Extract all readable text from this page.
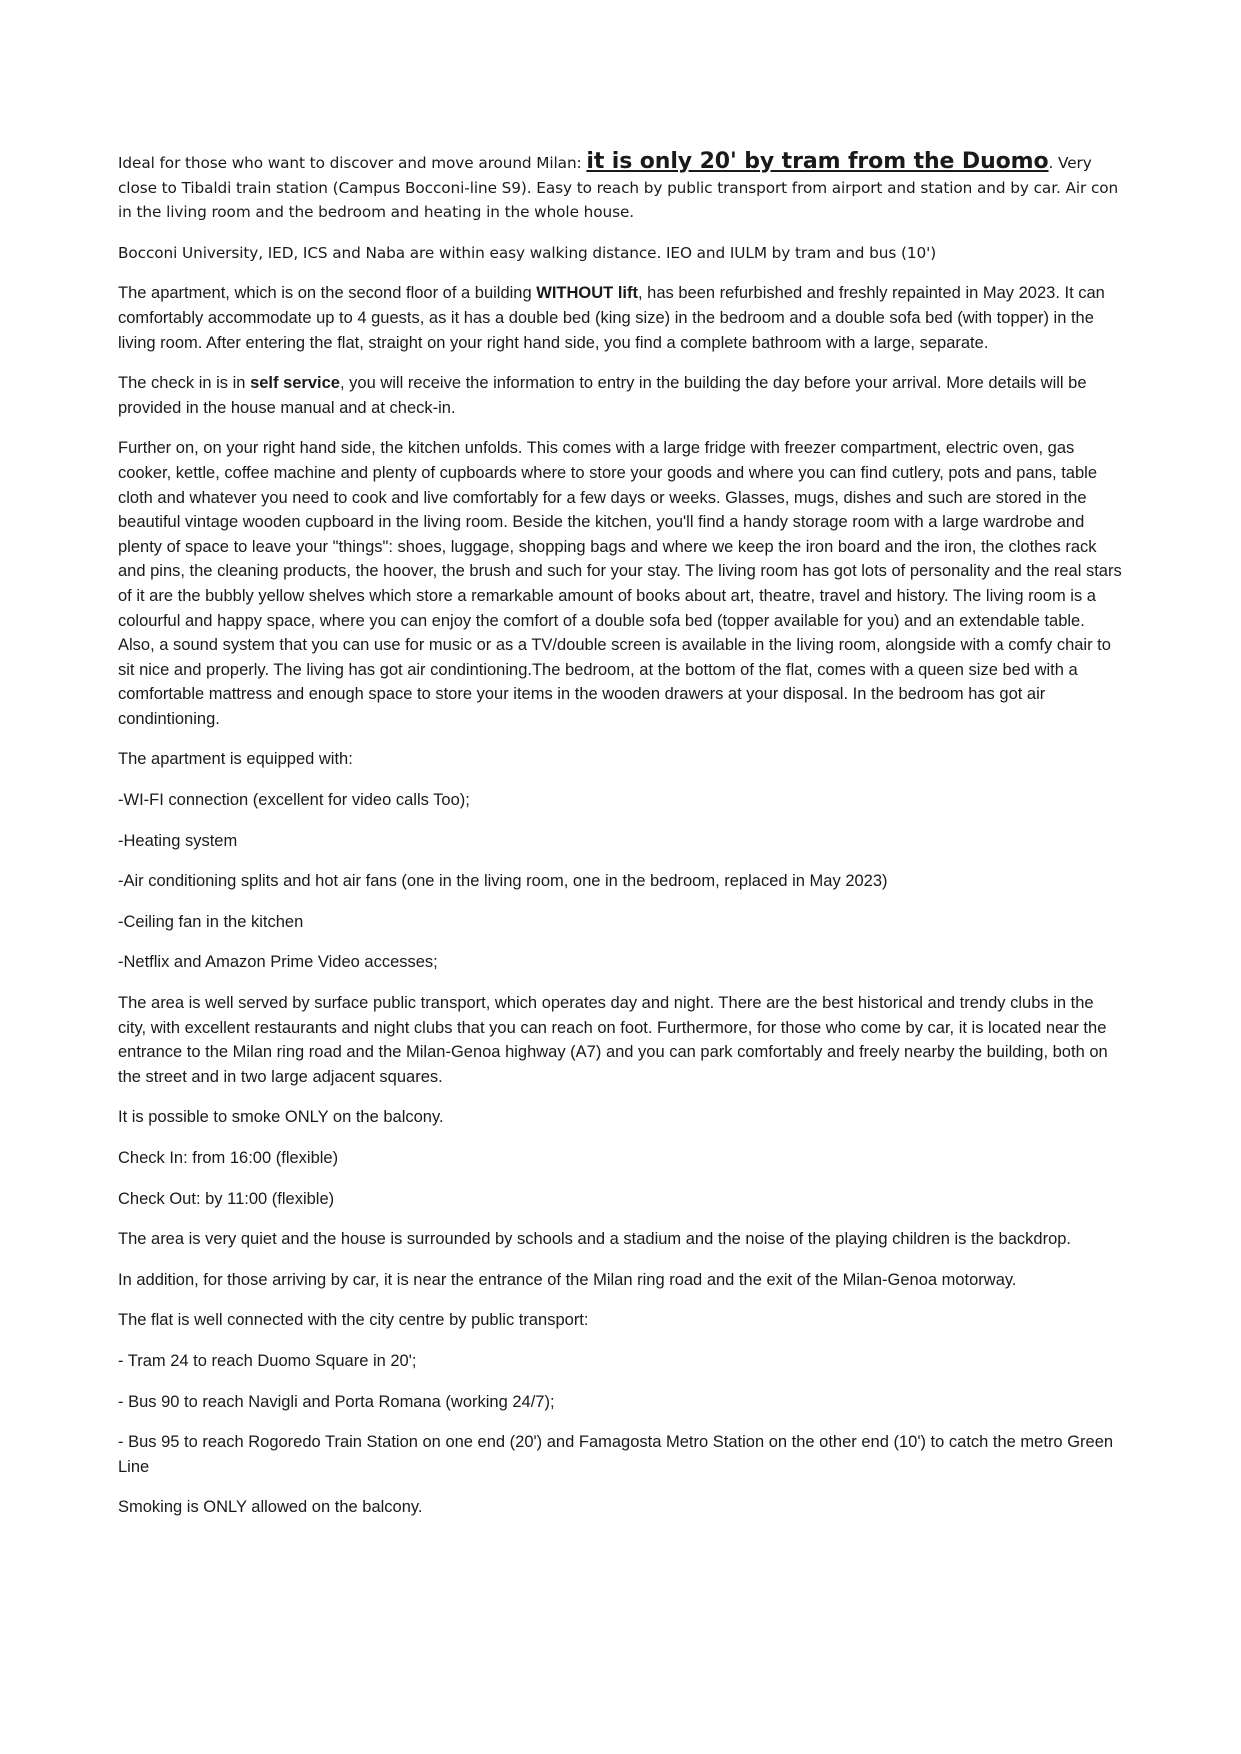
Ideal for those who want to discover and move around Milan: it is only 20' by tram from the Duomo. Very close to Tibaldi train station (Campus Bocconi-line S9). Easy to reach by public transport from airport and station and by car. Air con in the living room and the bedroom and heating in the whole house.

Bocconi University, IED, ICS and Naba are within easy walking distance. IEO and IULM by tram and bus (10')

The apartment, which is on the second floor of a building WITHOUT lift, has been refurbished and freshly repainted in May 2023. It can comfortably accommodate up to 4 guests, as it has a double bed (king size) in the bedroom and a double sofa bed (with topper) in the living room. After entering the flat, straight on your right hand side, you find a complete bathroom with a large, separate.

The check in is in self service, you will receive the information to entry in the building the day before your arrival. More details will be provided in the house manual and at check-in.

Further on, on your right hand side, the kitchen unfolds. This comes with a large fridge with freezer compartment, electric oven, gas cooker, kettle, coffee machine and plenty of cupboards where to store your goods and where you can find cutlery, pots and pans, table cloth and whatever you need to cook and live comfortably for a few days or weeks. Glasses, mugs, dishes and such are stored in the beautiful vintage wooden cupboard in the living room. Beside the kitchen, you'll find a handy storage room with a large wardrobe and plenty of space to leave your "things": shoes, luggage, shopping bags and where we keep the iron board and the iron, the clothes rack and pins, the cleaning products, the hoover, the brush and such for your stay. The living room has got lots of personality and the real stars of it are the bubbly yellow shelves which store a remarkable amount of books about art, theatre, travel and history. The living room is a colourful and happy space, where you can enjoy the comfort of a double sofa bed (topper available for you) and an extendable table. Also, a sound system that you can use for music or as a TV/double screen is available in the living room, alongside with a comfy chair to sit nice and properly. The living has got air condintioning.The bedroom, at the bottom of the flat, comes with a queen size bed with a comfortable mattress and enough space to store your items in the wooden drawers at your disposal. In the bedroom has got air condintioning.

The apartment is equipped with:

-WI-FI connection (excellent for video calls Too);

-Heating system

-Air conditioning splits and hot air fans (one in the living room, one in the bedroom, replaced in May 2023)

-Ceiling fan in the kitchen

-Netflix and Amazon Prime Video accesses;

The area is well served by surface public transport, which operates day and night. There are the best historical and trendy clubs in the city, with excellent restaurants and night clubs that you can reach on foot. Furthermore, for those who come by car, it is located near the entrance to the Milan ring road and the Milan-Genoa highway (A7) and you can park comfortably and freely nearby the building, both on the street and in two large adjacent squares.

It is possible to smoke ONLY on the balcony.

Check In: from 16:00 (flexible)

Check Out: by 11:00 (flexible)

The area is very quiet and the house is surrounded by schools and a stadium and the noise of the playing children is the backdrop.

In addition, for those arriving by car, it is near the entrance of the Milan ring road and the exit of the Milan-Genoa motorway.

The flat is well connected with the city centre by public transport:

- Tram 24 to reach Duomo Square in 20';

- Bus 90 to reach Navigli and Porta Romana (working 24/7);

- Bus 95 to reach Rogoredo Train Station on one end (20') and Famagosta Metro Station on the other end (10') to catch the metro Green Line

Smoking is ONLY allowed on the balcony.
